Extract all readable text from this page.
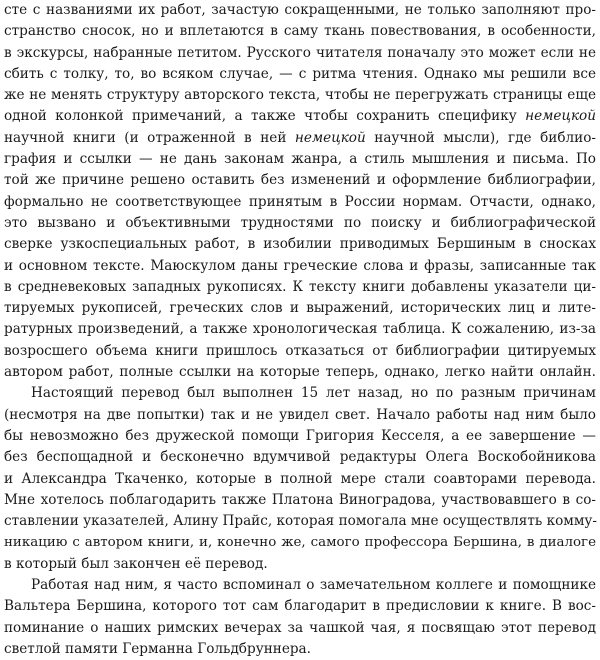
сте с названиями их работ, зачастую сокращенными, не только заполняют про-
странство сносок, но и вплетаются в саму ткань повествования, в особенности,
в экскурсы, набранные петитом. Русского читателя поначалу это может если не
сбить с толку, то, во всяком случае, — с ритма чтения. Однако мы решили все
же не менять структуру авторского текста, чтобы не перегружать страницы еще
одной колонкой примечаний, а также чтобы сохранить специфику немецкой
научной книги (и отраженной в ней немецкой научной мысли), где библио-
графия и ссылки — не дань законам жанра, а стиль мышления и письма. По
той же причине решено оставить без изменений и оформление библиографии,
формально не соответствующее принятым в России нормам. Отчасти, однако,
это вызвано и объективными трудностями по поиску и библиографической
сверке узкоспециальных работ, в изобилии приводимых Бершиным в сносках
и основном тексте. Маюскулом даны греческие слова и фразы, записанные так
в средневековых западных рукописях. К тексту книги добавлены указатели ци-
тируемых рукописей, греческих слов и выражений, исторических лиц и лите-
ратурных произведений, а также хронологическая таблица. К сожалению, из-за
возросшего объема книги пришлось отказаться от библиографии цитируемых
автором работ, полные ссылки на которые теперь, однако, легко найти онлайн.
Настоящий перевод был выполнен 15 лет назад, но по разным причинам
(несмотря на две попытки) так и не увидел свет. Начало работы над ним было
бы невозможно без дружеской помощи Григория Кесселя, а ее завершение —
без беспощадной и бесконечно вдумчивой редактуры Олега Воскобойникова
и Александра Ткаченко, которые в полной мере стали соавторами перевода.
Мне хотелось поблагодарить также Платона Виноградова, участвовавшего в со-
ставлении указателей, Алину Прайс, которая помогала мне осуществлять комму-
никацию с автором книги, и, конечно же, самого профессора Бершина, в диалоге
в который был закончен её перевод.
Работая над ним, я часто вспоминал о замечательном коллеге и помощнике
Вальтера Бершина, которого тот сам благодарит в предисловии к книге. В вос-
поминание о наших римских вечерах за чашкой чая, я посвящаю этот перевод
светлой памяти Германна Гольдбруннера.
